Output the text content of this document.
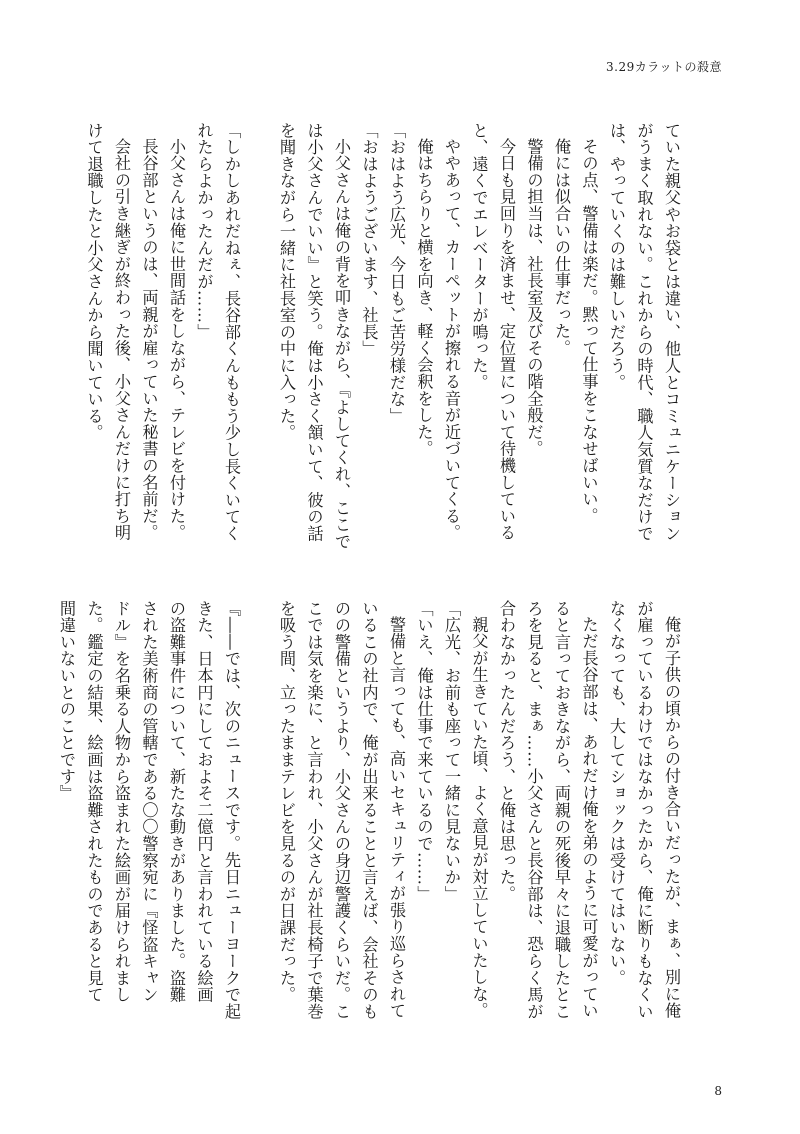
3.29カラットの殺意

ていた親父やお袋とは違い、他人とコミュニケーション

がうまく取れない。これからの時代、職人気質なだけで

は、やっていくのは難しいだろう。

その点、警備は楽だ。黙って仕事をこなせばいい。

俺には似合いの仕事だった。

警備の担当は、社長室及びその階全般だ。

今日も見回りを済ませ、定位置について待機している

と、遠くでエレベーターが鳴った。

ややあって、カーペットが擦れる音が近づいてくる。

俺はちらりと横を向き、軽く会釈をした。

「おはよう広光、今日もご苦労様だな」

「おはようございます、社長」

小父さんは俺の背を叩きながら、『よしてくれ、ここで

は小父さんでいい』と笑う。俺は小さく頷いて、彼の話

を聞きながら一緒に社長室の中に入った。

「しかしあれだねぇ、長谷部くんももう少し長くいてく

れたらよかったんだが……」

小父さんは俺に世間話をしながら、テレビを付けた。

長谷部というのは、両親が雇っていた秘書の名前だ。

会社の引き継ぎが終わった後、小父さんだけに打ち明

けて退職したと小父さんから聞いている。

俺が子供の頃からの付き合いだったが、まぁ、別に俺

が雇っているわけではなかったから、俺に断りもなくい

なくなっても、大してショックは受けてはいない。

ただ長谷部は、あれだけ俺を弟のように可愛がってい

ると言っておきながら、両親の死後早々に退職したとこ

ろを見ると、まぁ……小父さんと長谷部は、恐らく馬が

合わなかったんだろう、と俺は思った。

親父が生きていた頃、よく意見が対立していたしな。

「広光、お前も座って一緒に見ないか」

「いえ、俺は仕事で来ているので……」

警備と言っても、高いセキュリティが張り巡らされて

いるこの社内で、俺が出来ることと言えば、会社そのも

のの警備というより、小父さんの身辺警護くらいだ。こ

こでは気を楽に、と言われ、小父さんが社長椅子で葉巻

を吸う間、立ったままテレビを見るのが日課だった。

『――では、次のニュースです。先日ニューヨークで起

きた、日本円にしておよそ二億円と言われている絵画

の盗難事件について、新たな動きがありました。盗難

された美術商の管轄である〇〇警察宛に『怪盗キャン

ドル』を名乗る人物から盗まれた絵画が届けられまし

た。鑑定の結果、絵画は盗難されたものであると見て

間違いないとのことです』

8
